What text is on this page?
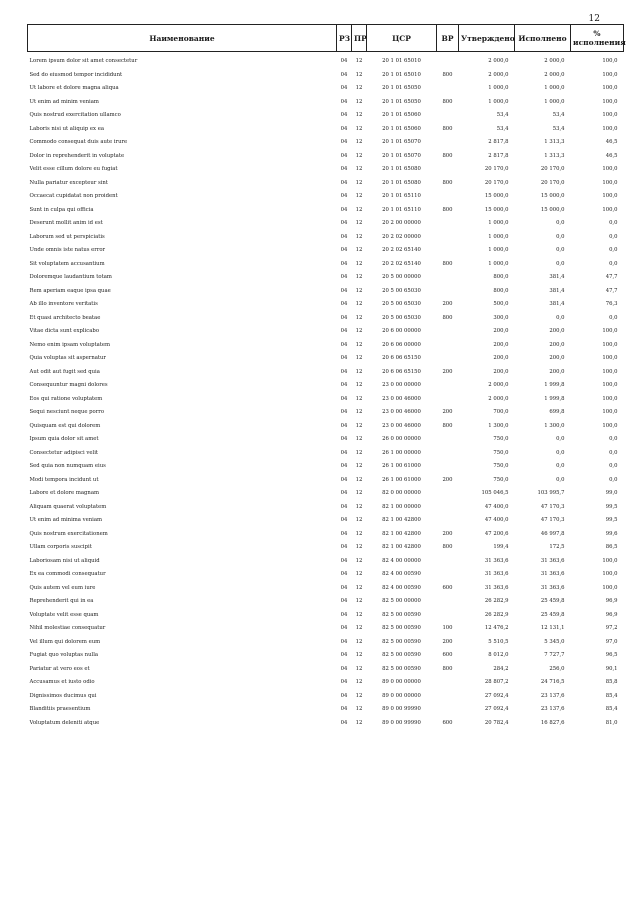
12
Наименование	РЗ	ПР	ЦСР	ВР	Утверждено	Исполнено	% исполнения
Lorem ipsum dolor sit amet consectetur	04	12	20 1 01 65010		2 000,0	2 000,0	100,0
Sed do eiusmod tempor incididunt	04	12	20 1 01 65010	800	2 000,0	2 000,0	100,0
Ut labore et dolore magna aliqua	04	12	20 1 01 65050		1 000,0	1 000,0	100,0
Ut enim ad minim veniam	04	12	20 1 01 65050	800	1 000,0	1 000,0	100,0
Quis nostrud exercitation ullamco	04	12	20 1 01 65060		53,4	53,4	100,0
Laboris nisi ut aliquip ex ea	04	12	20 1 01 65060	800	53,4	53,4	100,0
Commodo consequat duis aute irure	04	12	20 1 01 65070		2 817,8	1 313,3	46,5
Dolor in reprehenderit in voluptate	04	12	20 1 01 65070	800	2 817,8	1 313,3	46,5
Velit esse cillum dolore eu fugiat	04	12	20 1 01 65080		20 170,0	20 170,0	100,0
Nulla pariatur excepteur sint	04	12	20 1 01 65080	800	20 170,0	20 170,0	100,0
Occaecat cupidatat non proident	04	12	20 1 01 65110		15 000,0	15 000,0	100,0
Sunt in culpa qui officia	04	12	20 1 01 65110	800	15 000,0	15 000,0	100,0
Deserunt mollit anim id est	04	12	20 2 00 00000		1 000,0	0,0	0,0
Laborum sed ut perspiciatis	04	12	20 2 02 00000		1 000,0	0,0	0,0
Unde omnis iste natus error	04	12	20 2 02 65140		1 000,0	0,0	0,0
Sit voluptatem accusantium	04	12	20 2 02 65140	800	1 000,0	0,0	0,0
Doloremque laudantium totam	04	12	20 5 00 00000		800,0	381,4	47,7
Rem aperiam eaque ipsa quae	04	12	20 5 00 65030		800,0	381,4	47,7
Ab illo inventore veritatis	04	12	20 5 00 65030	200	500,0	381,4	76,3
Et quasi architecto beatae	04	12	20 5 00 65030	800	300,0	0,0	0,0
Vitae dicta sunt explicabo	04	12	20 6 00 00000		200,0	200,0	100,0
Nemo enim ipsam voluptatem	04	12	20 6 06 00000		200,0	200,0	100,0
Quia voluptas sit aspernatur	04	12	20 6 06 65150		200,0	200,0	100,0
Aut odit aut fugit sed quia	04	12	20 6 06 65150	200	200,0	200,0	100,0
Consequuntur magni dolores	04	12	23 0 00 00000		2 000,0	1 999,8	100,0
Eos qui ratione voluptatem	04	12	23 0 00 46000		2 000,0	1 999,8	100,0
Sequi nesciunt neque porro	04	12	23 0 00 46000	200	700,0	699,8	100,0
Quisquam est qui dolorem	04	12	23 0 00 46000	800	1 300,0	1 300,0	100,0
Ipsum quia dolor sit amet	04	12	26 0 00 00000		750,0	0,0	0,0
Consectetur adipisci velit	04	12	26 1 00 00000		750,0	0,0	0,0
Sed quia non numquam eius	04	12	26 1 00 61000		750,0	0,0	0,0
Modi tempora incidunt ut	04	12	26 1 00 61000	200	750,0	0,0	0,0
Labore et dolore magnam	04	12	82 0 00 00000		105 046,5	103 995,7	99,0
Aliquam quaerat voluptatem	04	12	82 1 00 00000		47 400,0	47 170,3	99,5
Ut enim ad minima veniam	04	12	82 1 00 42800		47 400,0	47 170,3	99,5
Quis nostrum exercitationem	04	12	82 1 00 42800	200	47 200,6	46 997,8	99,6
Ullam corporis suscipit	04	12	82 1 00 42800	800	199,4	172,5	86,5
Laboriosam nisi ut aliquid	04	12	82 4 00 00000		31 363,6	31 363,6	100,0
Ex ea commodi consequatur	04	12	82 4 00 00590		31 363,6	31 363,6	100,0
Quis autem vel eum iure	04	12	82 4 00 00590	600	31 363,6	31 363,6	100,0
Reprehenderit qui in ea	04	12	82 5 00 00000		26 282,9	25 459,8	96,9
Voluptate velit esse quam	04	12	82 5 00 00590		26 282,9	25 459,8	96,9
Nihil molestiae consequatur	04	12	82 5 00 00590	100	12 476,2	12 131,1	97,2
Vel illum qui dolorem eum	04	12	82 5 00 00590	200	5 510,5	5 345,0	97,0
Fugiat quo voluptas nulla	04	12	82 5 00 00590	600	8 012,0	7 727,7	96,5
Pariatur at vero eos et	04	12	82 5 00 00590	800	284,2	256,0	90,1
Accusamus et iusto odio	04	12	89 0 00 00000		28 807,2	24 716,5	85,8
Dignissimos ducimus qui	04	12	89 0 00 00000		27 092,4	23 137,6	85,4
Blanditiis praesentium	04	12	89 0 00 99990		27 092,4	23 137,6	85,4
Voluptatum deleniti atque	04	12	89 0 00 99990	600	20 782,4	16 827,6	81,0
